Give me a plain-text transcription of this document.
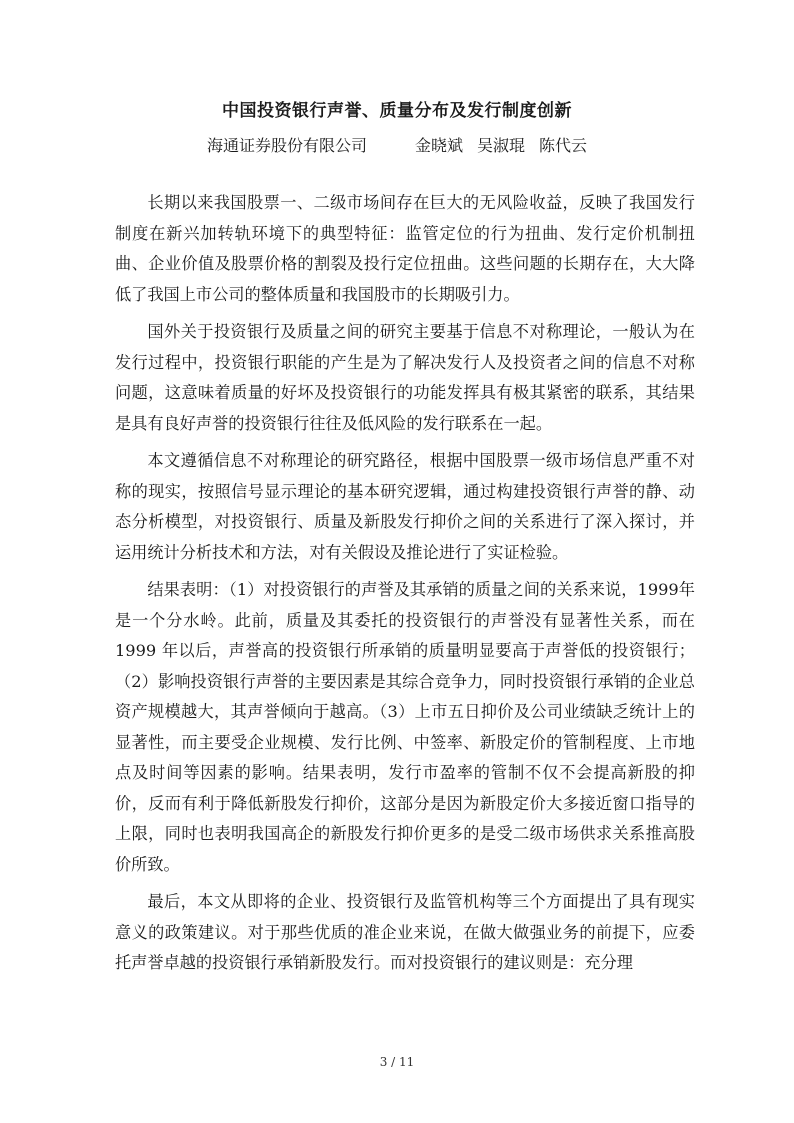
中国投资银行声誉、质量分布及发行制度创新
海通证券股份有限公司	金晓斌 吴淑琨 陈代云

长期以来我国股票一、二级市场间存在巨大的无风险收益，反映了我国发行制度在新兴加转轨环境下的典型特征：监管定位的行为扭曲、发行定价机制扭曲、企业价值及股票价格的割裂及投行定位扭曲。这些问题的长期存在，大大降低了我国上市公司的整体质量和我国股市的长期吸引力。

国外关于投资银行及质量之间的研究主要基于信息不对称理论，一般认为在发行过程中，投资银行职能的产生是为了解决发行人及投资者之间的信息不对称问题，这意味着质量的好坏及投资银行的功能发挥具有极其紧密的联系，其结果是具有良好声誉的投资银行往往及低风险的发行联系在一起。

本文遵循信息不对称理论的研究路径，根据中国股票一级市场信息严重不对称的现实，按照信号显示理论的基本研究逻辑，通过构建投资银行声誉的静、动态分析模型，对投资银行、质量及新股发行抑价之间的关系进行了深入探讨，并运用统计分析技术和方法，对有关假设及推论进行了实证检验。

结果表明：（1）对投资银行的声誉及其承销的质量之间的关系来说，1999年是一个分水岭。此前，质量及其委托的投资银行的声誉没有显著性关系，而在 1999 年以后，声誉高的投资银行所承销的质量明显要高于声誉低的投资银行；（2）影响投资银行声誉的主要因素是其综合竞争力，同时投资银行承销的企业总资产规模越大，其声誉倾向于越高。（3）上市五日抑价及公司业绩缺乏统计上的显著性，而主要受企业规模、发行比例、中签率、新股定价的管制程度、上市地点及时间等因素的影响。结果表明，发行市盈率的管制不仅不会提高新股的抑价，反而有利于降低新股发行抑价，这部分是因为新股定价大多接近窗口指导的上限，同时也表明我国高企的新股发行抑价更多的是受二级市场供求关系推高股价所致。

最后，本文从即将的企业、投资银行及监管机构等三个方面提出了具有现实意义的政策建议。对于那些优质的准企业来说，在做大做强业务的前提下，应委托声誉卓越的投资银行承销新股发行。而对投资银行的建议则是：充分理

3 / 11
